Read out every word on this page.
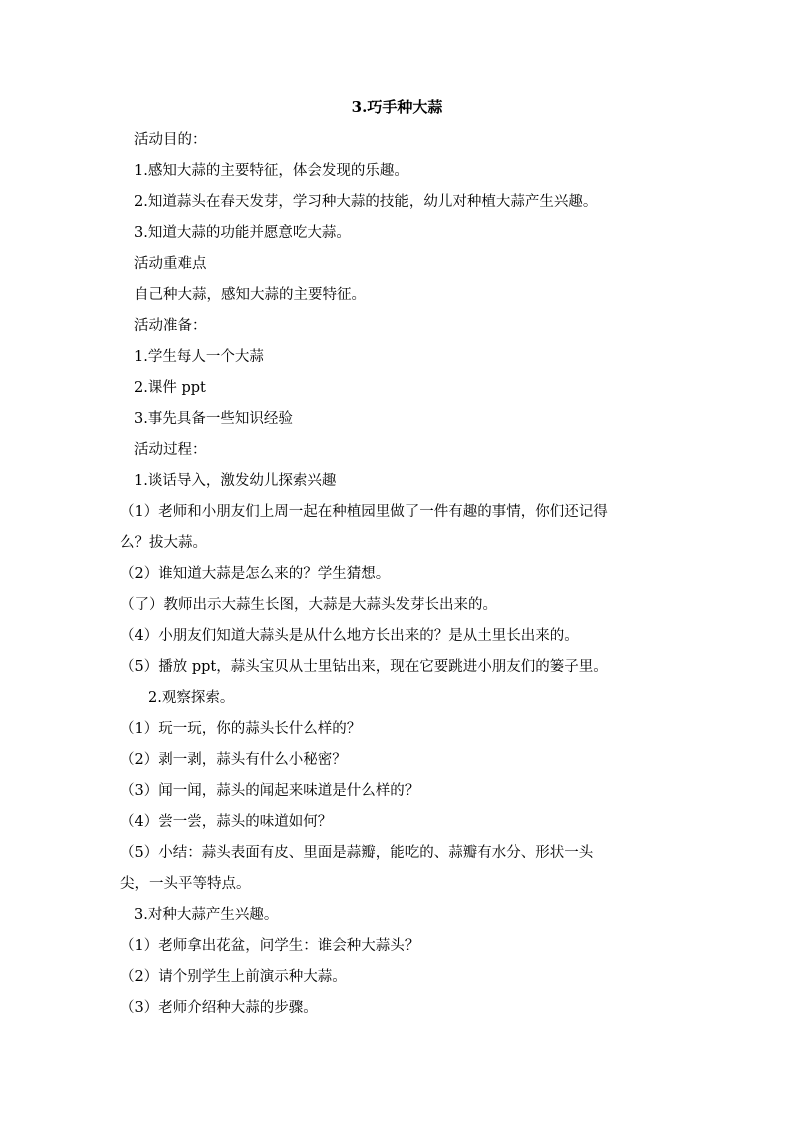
3.巧手种大蒜
活动目的：
1.感知大蒜的主要特征，体会发现的乐趣。
2.知道蒜头在春天发芽，学习种大蒜的技能，幼儿对种植大蒜产生兴趣。
3.知道大蒜的功能并愿意吃大蒜。
活动重难点
自己种大蒜，感知大蒜的主要特征。
活动准备：
1.学生每人一个大蒜
2.课件 ppt
3.事先具备一些知识经验
活动过程：
1.谈话导入，激发幼儿探索兴趣
（1）老师和小朋友们上周一起在种植园里做了一件有趣的事情，你们还记得
么？拔大蒜。
（2）谁知道大蒜是怎么来的？学生猜想。
（了）教师出示大蒜生长图，大蒜是大蒜头发芽长出来的。
（4）小朋友们知道大蒜头是从什么地方长出来的？是从土里长出来的。
（5）播放 ppt，蒜头宝贝从士里钻出来，现在它要跳进小朋友们的篓子里。
2.观察探索。
（1）玩一玩，你的蒜头长什么样的？
（2）剥一剥，蒜头有什么小秘密？
（3）闻一闻，蒜头的闻起来味道是什么样的？
（4）尝一尝，蒜头的味道如何？
（5）小结：蒜头表面有皮、里面是蒜瓣，能吃的、蒜瓣有水分、形状一头
尖，一头平等特点。
3.对种大蒜产生兴趣。
（1）老师拿出花盆，问学生：谁会种大蒜头？
（2）请个别学生上前演示种大蒜。
（3）老师介绍种大蒜的步骤。
